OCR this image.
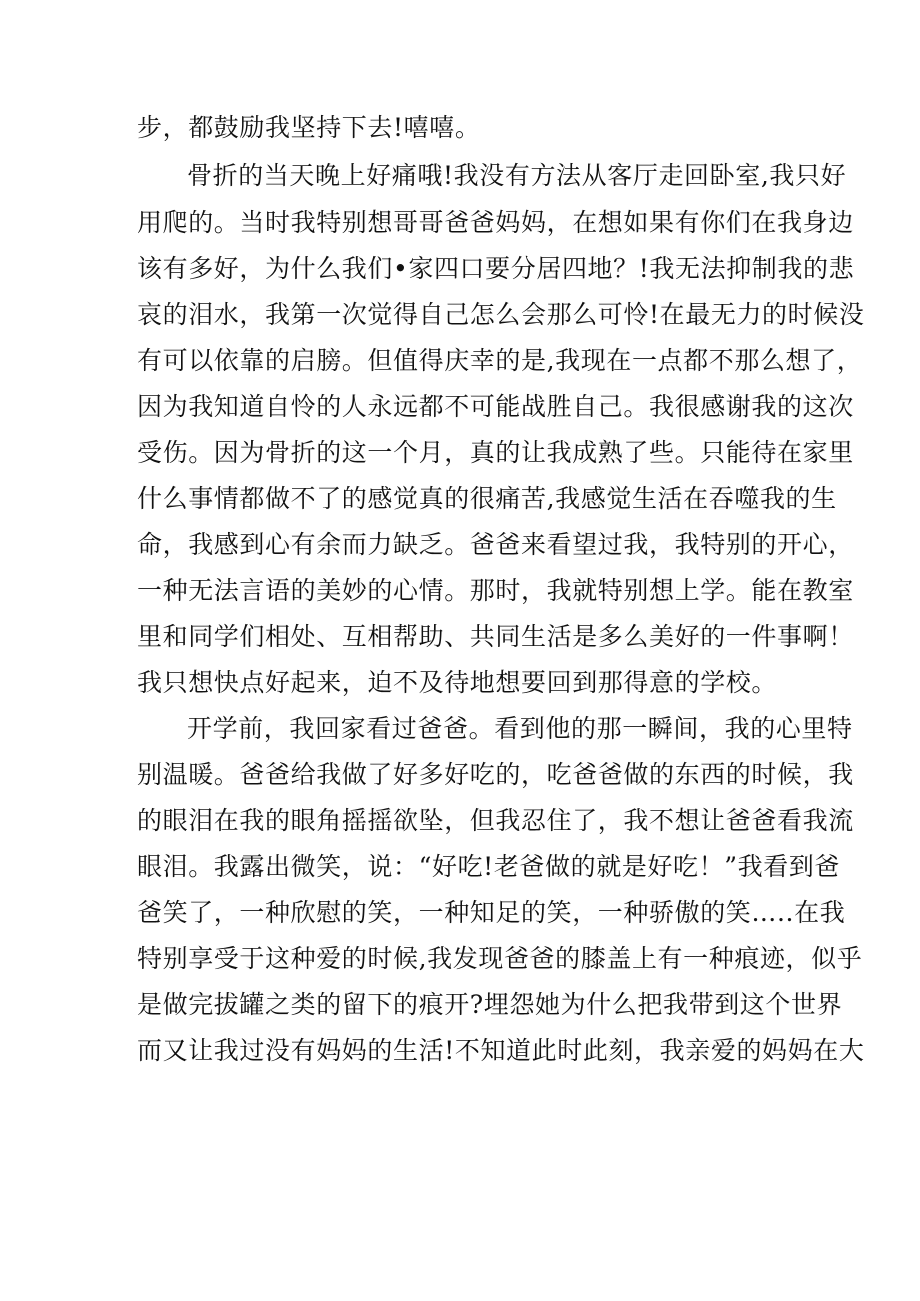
步，都鼓励我坚持下去!嘻嘻。
骨折的当天晚上好痛哦!我没有方法从客厅走回卧室,我只好
用爬的。当时我特别想哥哥爸爸妈妈，在想如果有你们在我身边
该有多好，为什么我们•家四口要分居四地？!我无法抑制我的悲
哀的泪水，我第一次觉得自己怎么会那么可怜!在最无力的时候没
有可以依靠的启膀。但值得庆幸的是,我现在一点都不那么想了，
因为我知道自怜的人永远都不可能战胜自己。我很感谢我的这次
受伤。因为骨折的这一个月，真的让我成熟了些。只能待在家里
什么事情都做不了的感觉真的很痛苦,我感觉生活在吞噬我的生
命，我感到心有余而力缺乏。爸爸来看望过我，我特别的开心，
一种无法言语的美妙的心情。那时，我就特别想上学。能在教室
里和同学们相处、互相帮助、共同生活是多么美好的一件事啊！
我只想快点好起来，迫不及待地想要回到那得意的学校。
开学前，我回家看过爸爸。看到他的那一瞬间，我的心里特
别温暖。爸爸给我做了好多好吃的，吃爸爸做的东西的时候，我
的眼泪在我的眼角摇摇欲坠，但我忍住了，我不想让爸爸看我流
眼泪。我露出微笑，说：“好吃!老爸做的就是好吃！”我看到爸
爸笑了，一种欣慰的笑，一种知足的笑，一种骄傲的笑…..在我
特别享受于这种爱的时候,我发现爸爸的膝盖上有一种痕迹，似乎
是做完拔罐之类的留下的痕开?埋怨她为什么把我带到这个世界
而又让我过没有妈妈的生活!不知道此时此刻，我亲爱的妈妈在大
